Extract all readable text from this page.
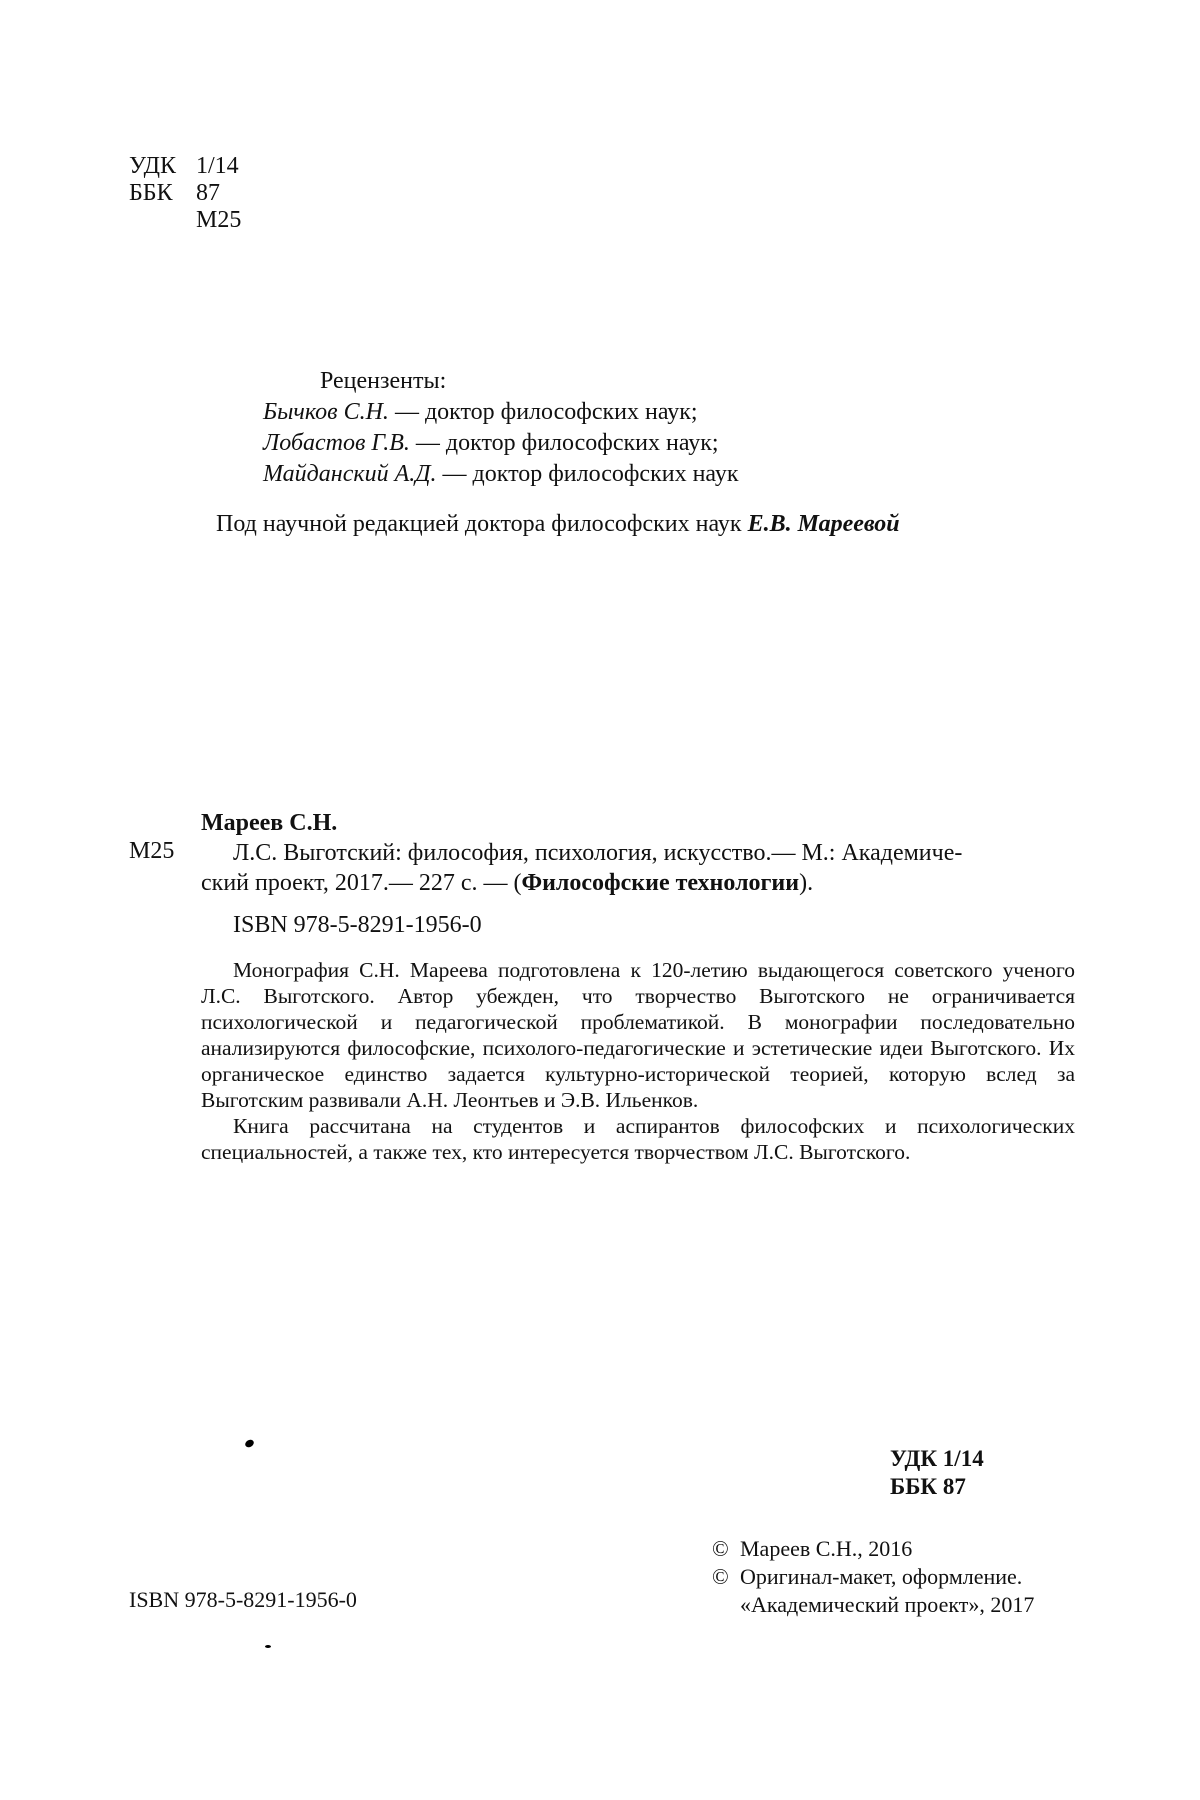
УДК 1/14
ББК 87
М25
Рецензенты:
Бычков С.Н. — доктор философских наук;
Лобастов Г.В. — доктор философских наук;
Майданский А.Д. — доктор философских наук
Под научной редакцией доктора философских наук Е.В. Мареевой
Мареев С.Н.
М25 Л.С. Выготский: философия, психология, искусство.— М.: Академиче-
ский проект, 2017.— 227 с. — (Философские технологии).
ISBN 978-5-8291-1956-0

Монография С.Н. Мареева подготовлена к 120-летию выдающегося советского ученого Л.С. Выготского. Автор убежден, что творчество Выготского не ограничивается психологической и педагогической проблематикой. В монографии последовательно анализируются философские, психолого-педагогические и эстетические идеи Выготского. Их органическое единство задается культурно-исторической теорией, которую вслед за Выготским развивали А.Н. Леонтьев и Э.В. Ильенков.

Книга рассчитана на студентов и аспирантов философских и психологических специальностей, а также тех, кто интересуется творчеством Л.С. Выготского.

УДК 1/14
ББК 87
ISBN 978-5-8291-1956-0
© Мареев С.Н., 2016
© Оригинал-макет, оформление.
«Академический проект», 2017
